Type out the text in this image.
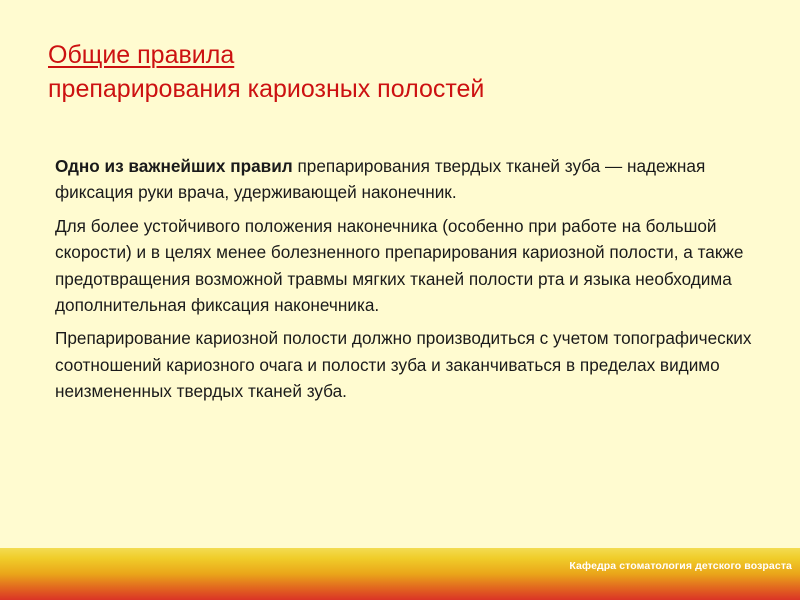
Общие правила
препарирования кариозных полостей

Одно из важнейших правил препарирования твердых тканей зуба — надежная фиксация руки врача, удерживающей наконечник.

Для более устойчивого положения наконечника (особенно при работе на большой скорости) и в целях менее болезненного препарирования кариозной полости, а также предотвращения возможной травмы мягких тканей полости рта и языка необходима дополнительная фиксация наконечника.

Препарирование кариозной полости должно производиться с учетом топографических соотношений кариозного очага и полости зуба и заканчиваться в пределах видимо неизмененных твердых тканей зуба.

Кафедра стоматология детского возраста
